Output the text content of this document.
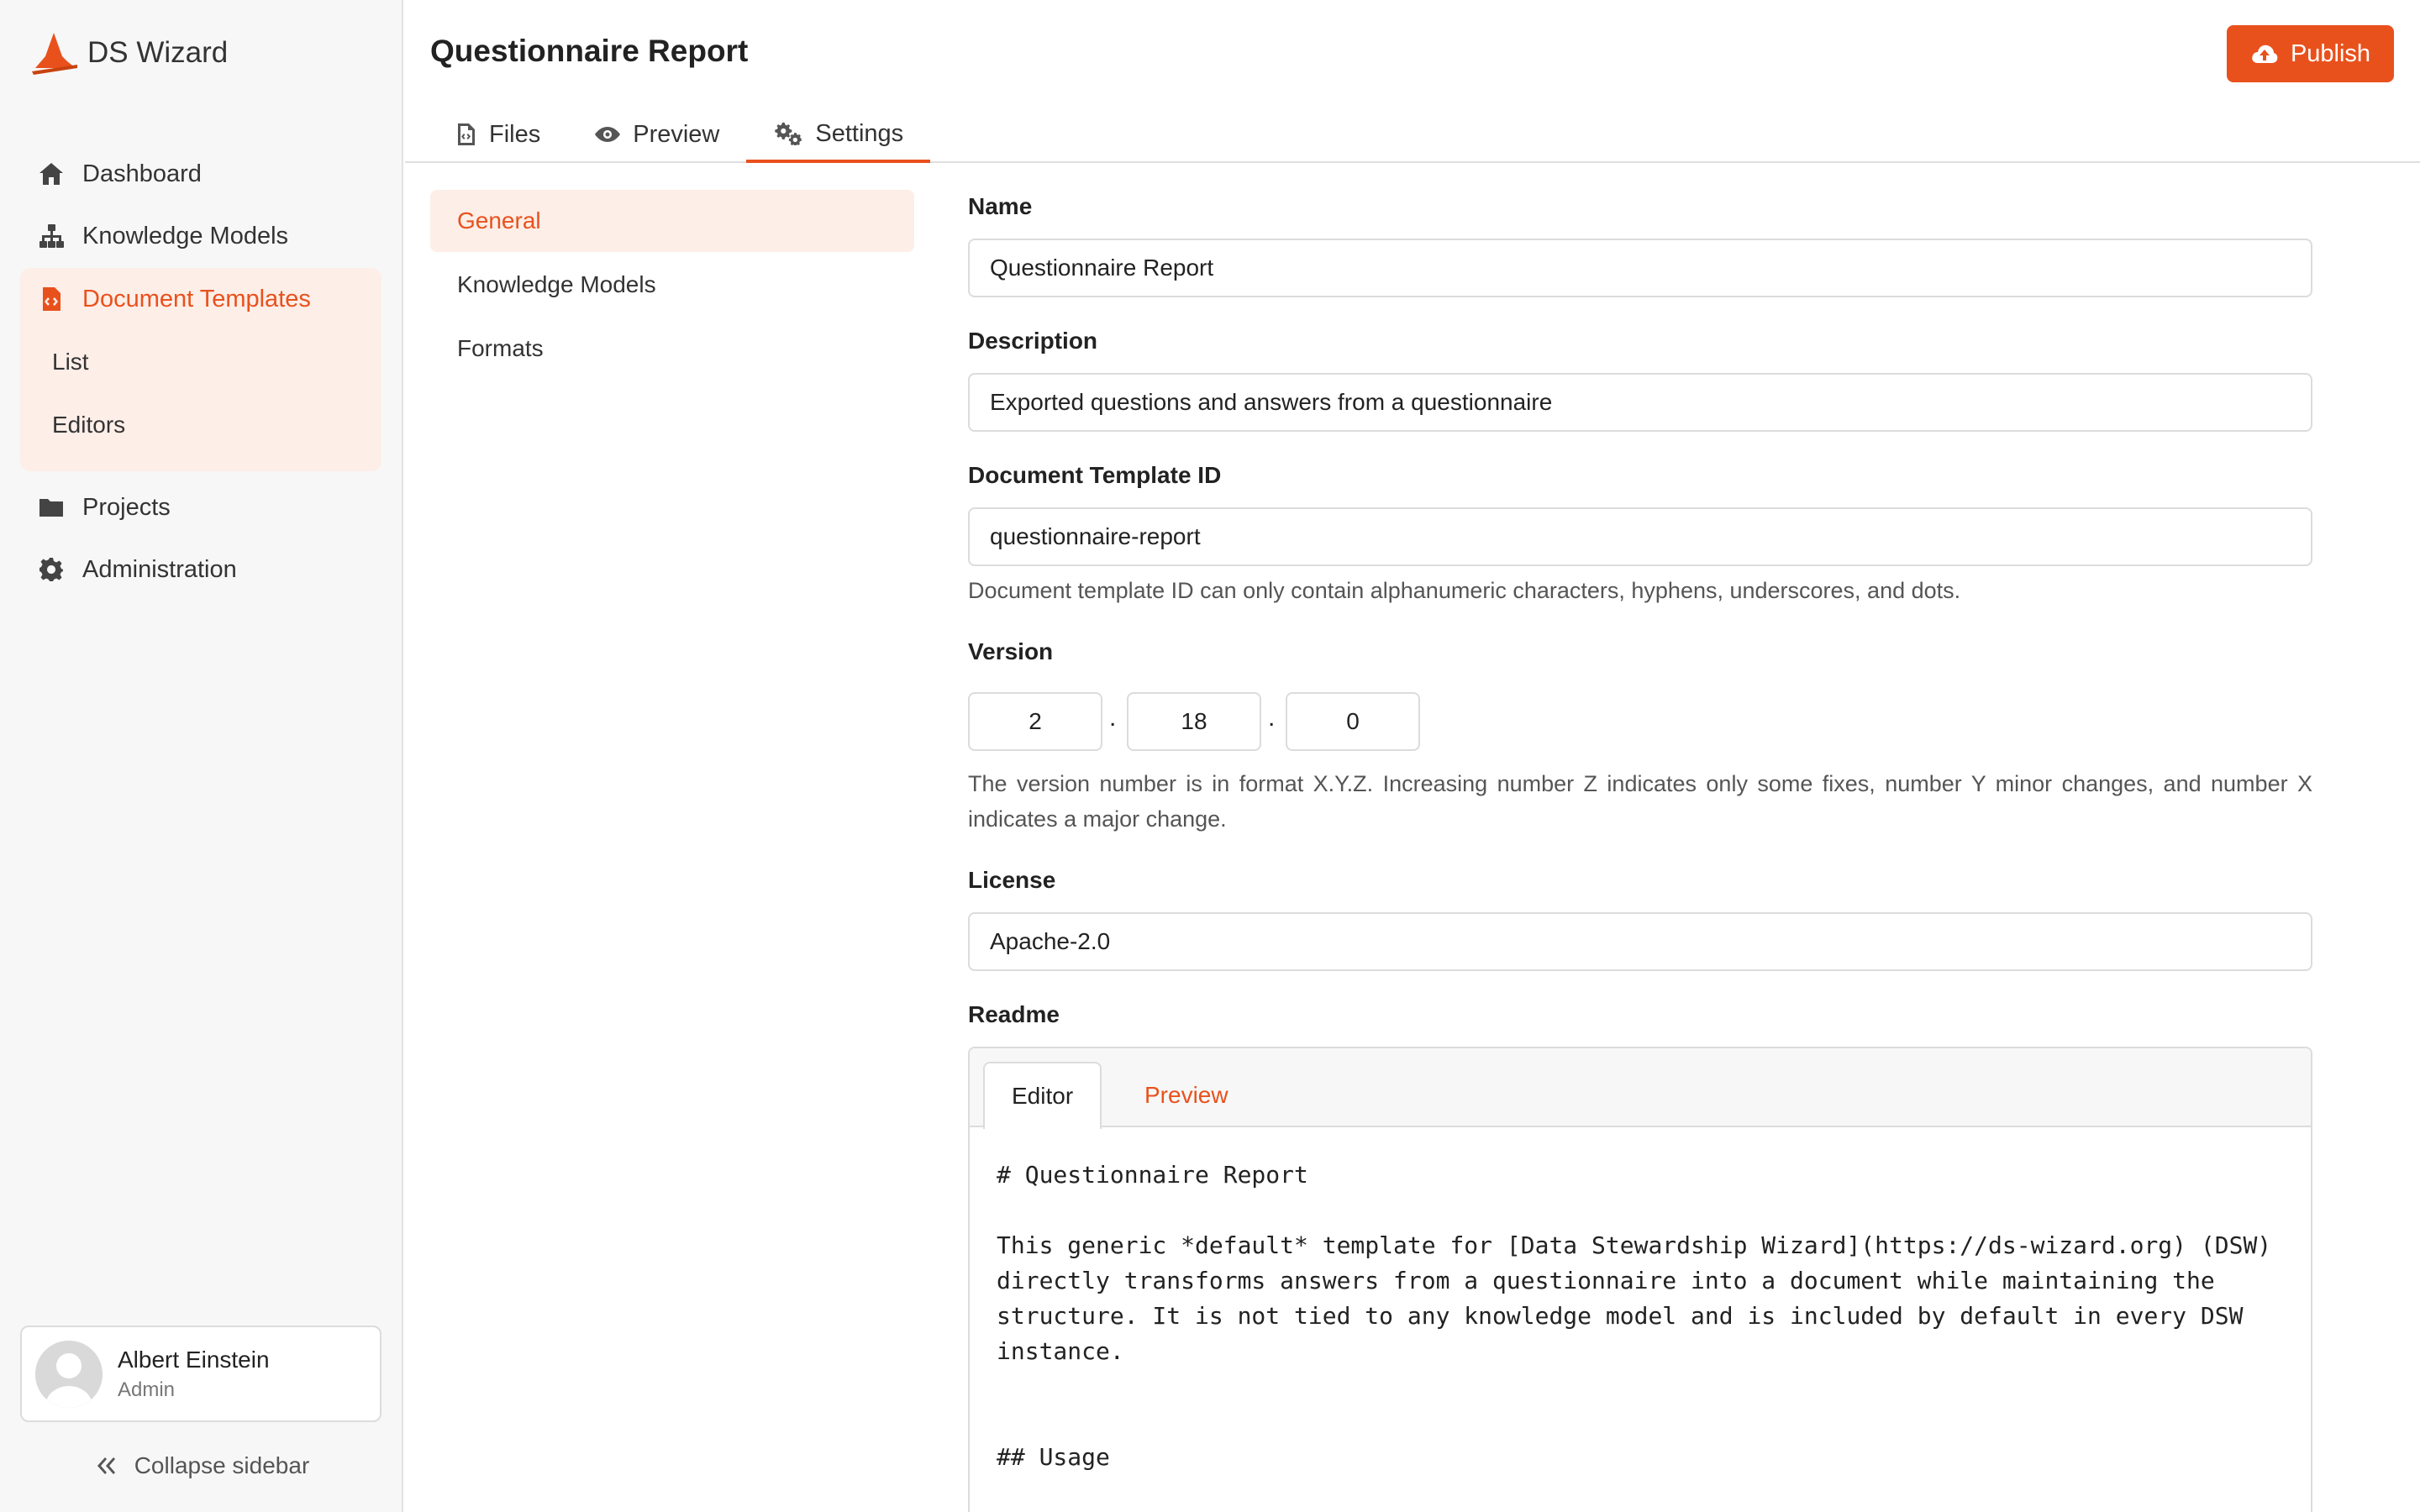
DS Wizard
Dashboard
Knowledge Models
Document Templates
List
Editors
Projects
Administration
Albert Einstein
Admin
Collapse sidebar
Questionnaire Report	Publish
Files	Preview	Settings
General
Knowledge Models
Formats
Name
Questionnaire Report
Description
Exported questions and answers from a questionnaire
Document Template ID
questionnaire-report
Document template ID can only contain alphanumeric characters, hyphens, underscores, and dots.
Version
2	.	18	.	0
The version number is in format X.Y.Z. Increasing number Z indicates only some fixes, number Y minor changes, and number X indicates a major change.
License
Apache-2.0
Readme
Editor	Preview
# Questionnaire Report
This generic *default* template for [Data Stewardship Wizard](https://ds-wizard.org) (DSW)
directly transforms answers from a questionnaire into a document while maintaining the
structure. It is not tied to any knowledge model and is included by default in every DSW
instance.
## Usage
